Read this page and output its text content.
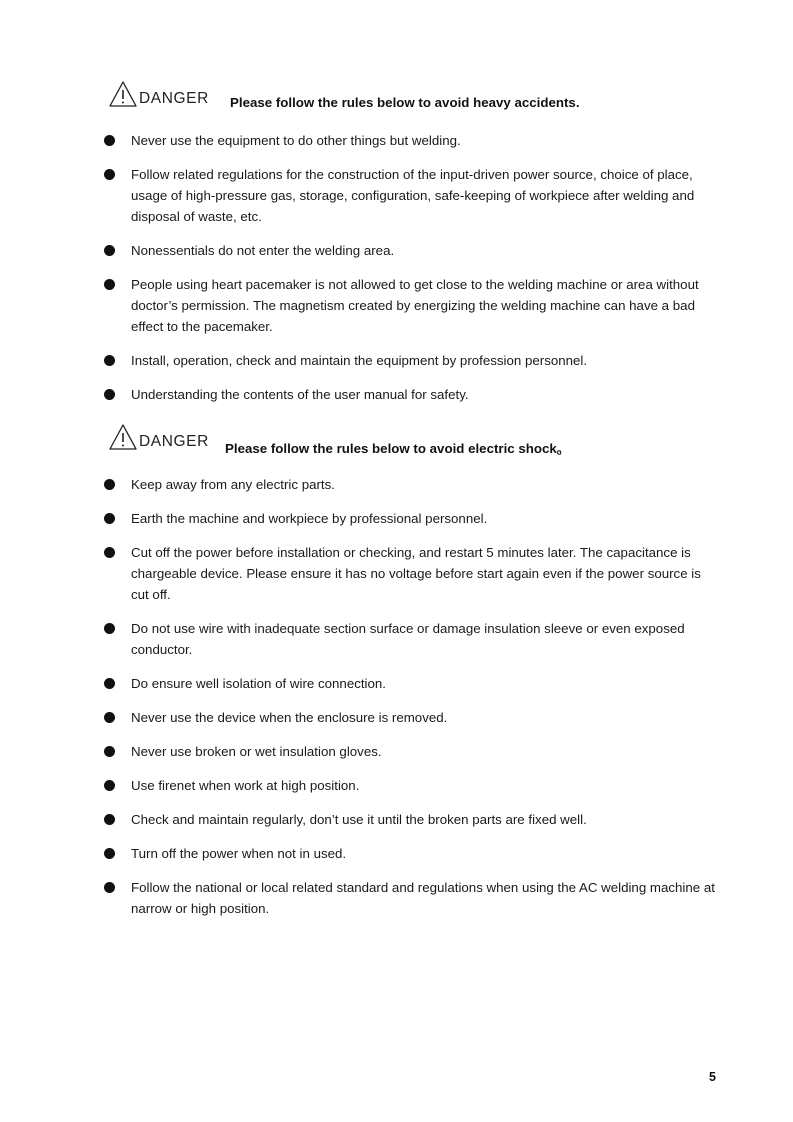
DANGER Please follow the rules below to avoid heavy accidents.
Never use the equipment to do other things but welding.
Follow related regulations for the construction of the input-driven power source, choice of place, usage of high-pressure gas, storage, configuration, safe-keeping of workpiece after welding and disposal of waste, etc.
Nonessentials do not enter the welding area.
People using heart pacemaker is not allowed to get close to the welding machine or area without doctor’s permission. The magnetism created by energizing the welding machine can have a bad effect to the pacemaker.
Install, operation, check and maintain the equipment by profession personnel.
Understanding the contents of the user manual for safety.
DANGER Please follow the rules below to avoid electric shock。
Keep away from any electric parts.
Earth the machine and workpiece by professional personnel.
Cut off the power before installation or checking, and restart 5 minutes later. The capacitance is chargeable device. Please ensure it has no voltage before start again even if the power source is cut off.
Do not use wire with inadequate section surface or damage insulation sleeve or even exposed conductor.
Do ensure well isolation of wire connection.
Never use the device when the enclosure is removed.
Never use broken or wet insulation gloves.
Use firenet when work at high position.
Check and maintain regularly, don’t use it until the broken parts are fixed well.
Turn off the power when not in used.
Follow the national or local related standard and regulations when using the AC welding machine at narrow or high position.
5
